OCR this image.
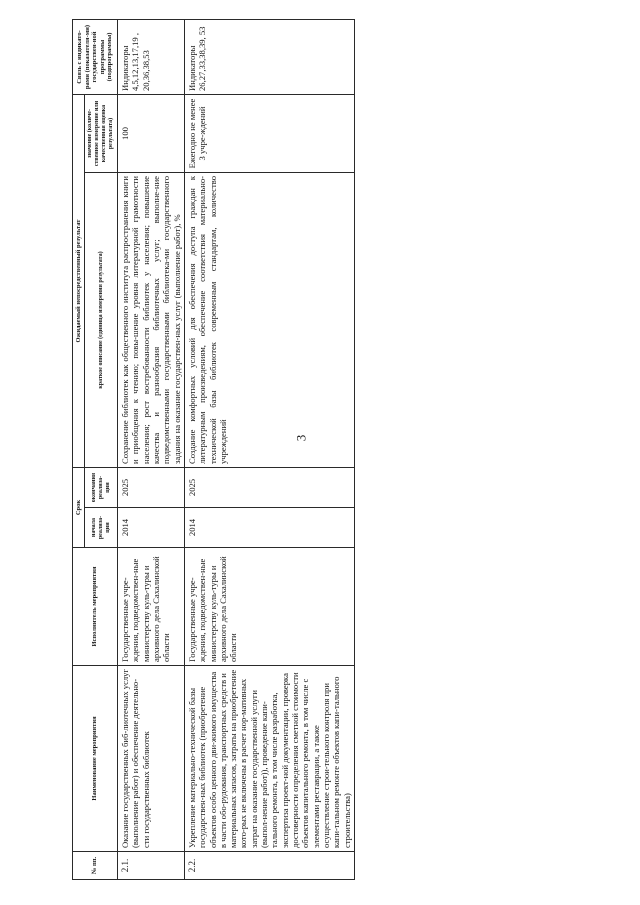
3
№ пп.	Наименование мероприятия	Исполнитель мероприятия	Срок		Ожидаемый непосредственный результат		Связь с индикато-рами (показателя-ми) государствен-ной программы (подпрограммы)
			начала реализа-ции	окончания реализа-ции	краткое описание (единица измерения результата)	значение (количе-ственное измерение или качественная оценка результата)	
2.1.	Оказание государственных биб-лиотечных услуг (выполнение работ) и обеспечение деятельно-сти государственных библиотек	Государственные учре-ждения, подведомствен-ные министерству куль-туры и архивного дела Сахалинской области	2014	2025	Сохранение библиотек как общественного института распространения книги и приобщения к чтению; повы-шение уровня литературной грамотности населения; рост востребованности библиотек у населения; повышение качества и разнообразия библиотечных услуг; выполне-ние подведомственными государственными библиотека-ми государственного задания на оказание государствен-ных услуг (выполнение работ), %	100	Индикаторы 4,5,12,13,17,19 , 20,36,38,53
2.2.	Укрепление материально-технической базы государствен-ных библиотек (приобретение объектов особо ценного дви-жимого имущества в части обо-рудования, транспортных средств и материальных запасов, затраты на приобретение кото-рых не включены в расчет нор-мативных затрат на оказание государственной услуги (выпол-нение работ)), проведение капи-тального ремонта, в том числе разработка, экспертиза проект-ной документации, проверка достоверности определения сметной стоимости объектов капитального ремонта, в том числе с элементами реставрации, а также осуществление строи-тельного контроля при капи-тальном ремонте объектов капи-тального строительства)	Государственные учре-ждения, подведомствен-ные министерству куль-туры и архивного дела Сахалинской области	2014	2025	Создание комфортных условий для обеспечения доступа граждан к литературным произведениям, обеспечение соответствия материально-технической базы библиотек современным стандартам, количество учреждений	Ежегодно не менее 3 учре-ждений	Индикаторы 26,27,33,38,39, 53
